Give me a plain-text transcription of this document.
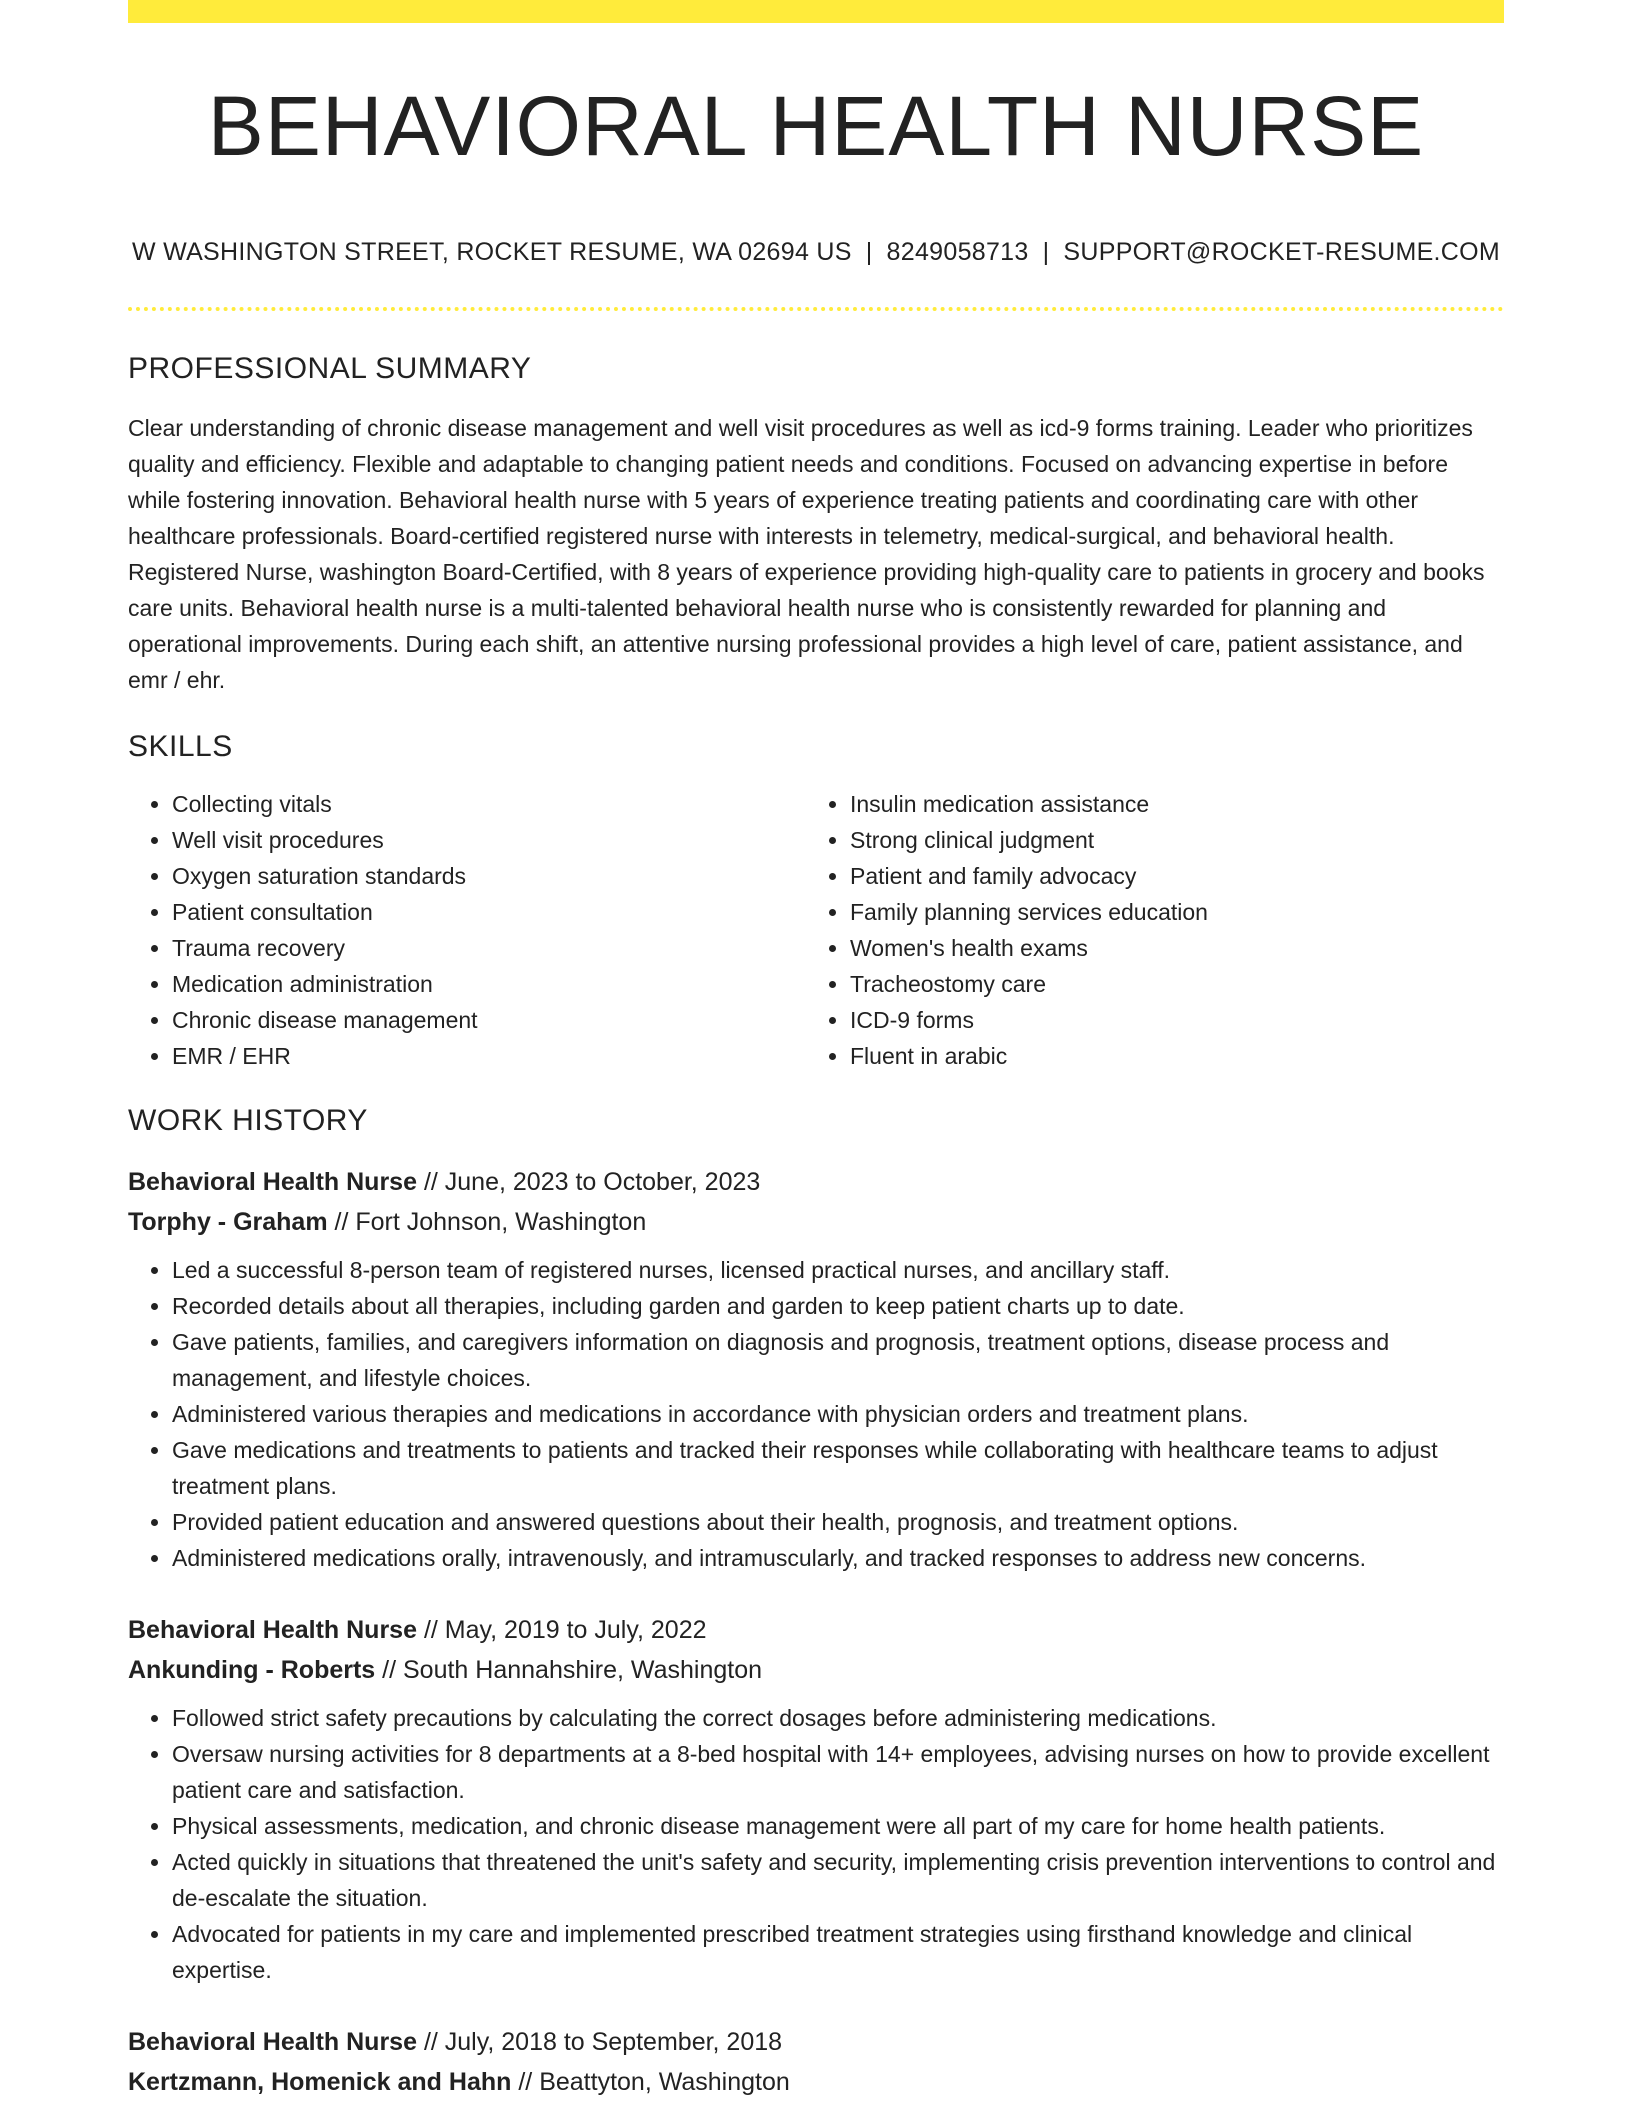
BEHAVIORAL HEALTH NURSE
W WASHINGTON STREET, ROCKET RESUME, WA 02694 US | 8249058713 | SUPPORT@ROCKET-RESUME.COM
PROFESSIONAL SUMMARY

Clear understanding of chronic disease management and well visit procedures as well as icd-9 forms training. Leader who prioritizes quality and efficiency. Flexible and adaptable to changing patient needs and conditions. Focused on advancing expertise in before while fostering innovation. Behavioral health nurse with 5 years of experience treating patients and coordinating care with other healthcare professionals. Board-certified registered nurse with interests in telemetry, medical-surgical, and behavioral health. Registered Nurse, washington Board-Certified, with 8 years of experience providing high-quality care to patients in grocery and books care units. Behavioral health nurse is a multi-talented behavioral health nurse who is consistently rewarded for planning and operational improvements. During each shift, an attentive nursing professional provides a high level of care, patient assistance, and emr / ehr.

SKILLS
• Collecting vitals
• Well visit procedures
• Oxygen saturation standards
• Patient consultation
• Trauma recovery
• Medication administration
• Chronic disease management
• EMR / EHR
• Insulin medication assistance
• Strong clinical judgment
• Patient and family advocacy
• Family planning services education
• Women's health exams
• Tracheostomy care
• ICD-9 forms
• Fluent in arabic
WORK HISTORY
Behavioral Health Nurse // June, 2023 to October, 2023
Torphy - Graham // Fort Johnson, Washington
• Led a successful 8-person team of registered nurses, licensed practical nurses, and ancillary staff.
• Recorded details about all therapies, including garden and garden to keep patient charts up to date.
• Gave patients, families, and caregivers information on diagnosis and prognosis, treatment options, disease process and management, and lifestyle choices.
• Administered various therapies and medications in accordance with physician orders and treatment plans.
• Gave medications and treatments to patients and tracked their responses while collaborating with healthcare teams to adjust treatment plans.
• Provided patient education and answered questions about their health, prognosis, and treatment options.
• Administered medications orally, intravenously, and intramuscularly, and tracked responses to address new concerns.
Behavioral Health Nurse // May, 2019 to July, 2022
Ankunding - Roberts // South Hannahshire, Washington
• Followed strict safety precautions by calculating the correct dosages before administering medications.
• Oversaw nursing activities for 8 departments at a 8-bed hospital with 14+ employees, advising nurses on how to provide excellent patient care and satisfaction.
• Physical assessments, medication, and chronic disease management were all part of my care for home health patients.
• Acted quickly in situations that threatened the unit's safety and security, implementing crisis prevention interventions to control and de-escalate the situation.
• Advocated for patients in my care and implemented prescribed treatment strategies using firsthand knowledge and clinical expertise.
Behavioral Health Nurse // July, 2018 to September, 2018
Kertzmann, Homenick and Hahn // Beattyton, Washington
